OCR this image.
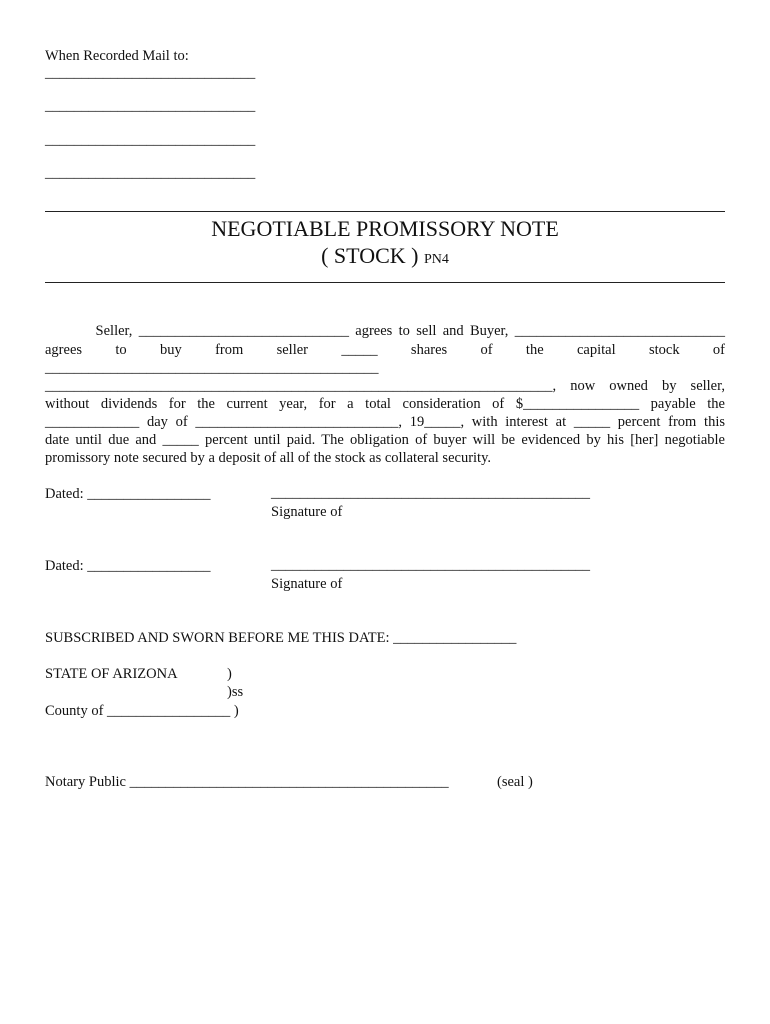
When Recorded Mail to:
_____________________________
_____________________________
_____________________________
_____________________________
NEGOTIABLE PROMISSORY NOTE
( STOCK ) PN4
Seller, _____________________________ agrees to sell and Buyer, _____________________________
agrees to buy from seller _____ shares of the capital stock of
______________________________________________
______________________________________________________________________, now owned by seller,
without dividends for the current year, for a total consideration of $________________ payable the
_____________ day of ____________________________, 19_____, with interest at _____ percent from this
date until due and _____ percent until paid. The obligation of buyer will be evidenced by his [her] negotiable
promissory note secured by a deposit of all of the stock as collateral security.
Dated: _________________	____________________________________________
Signature of
Dated: _________________	____________________________________________
Signature of
SUBSCRIBED AND SWORN BEFORE ME THIS DATE: _________________
STATE OF ARIZONA	)
)ss
County of _________________ )
Notary Public ____________________________________________	(seal )
